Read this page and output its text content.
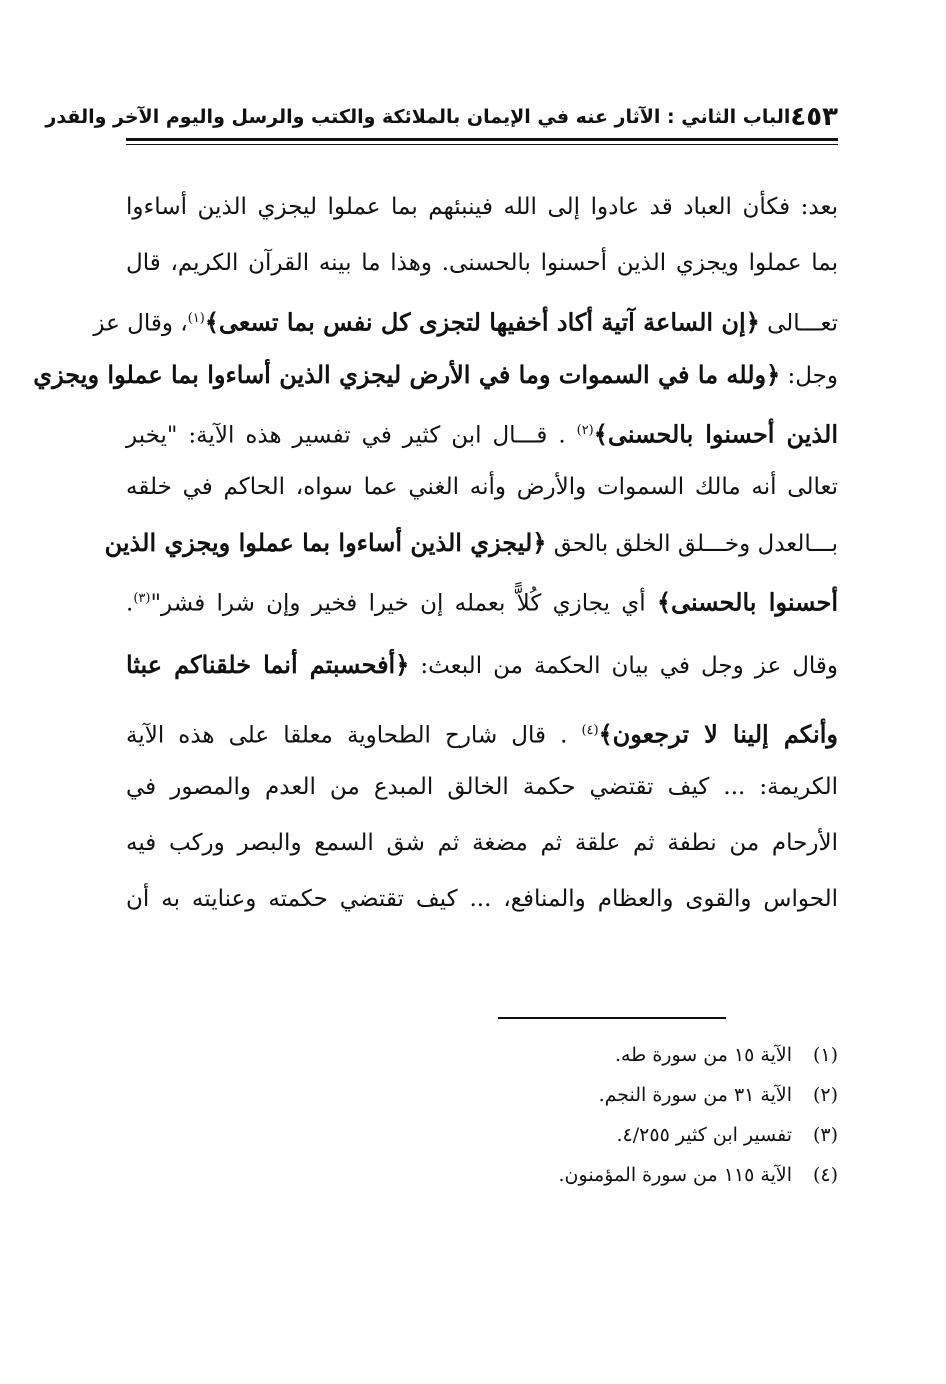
٤٥٣
الباب الثاني : الآثار عنه في الإيمان بالملائكة والكتب والرسل واليوم الآخر والقدر
بعد: فكأن العباد قد عادوا إلى الله فينبئهم بما عملوا ليجزي الذين أساءوا
بما عملوا ويجزي الذين أحسنوا بالحسنى. وهذا ما بينه القرآن الكريم، قال
تعـــالى ﴿إن الساعة آتية أكاد أخفيها لتجزى كل نفس بما تسعى﴾$^{(١)}$، وقال عز
وجل: ﴿ولله ما في السموات وما في الأرض ليجزي الذين أساءوا بما عملوا ويجزي
الذين أحسنوا بالحسنى﴾$^{(٢)}$ . قـــال ابن كثير في تفسير هذه الآية: "يخبر
تعالى أنه مالك السموات والأرض وأنه الغني عما سواه، الحاكم في خلقه
بـــالعدل وخـــلق الخلق بالحق ﴿ليجزي الذين أساءوا بما عملوا ويجزي الذين
أحسنوا بالحسنى﴾ أي يجازي كُلاًّ بعمله إن خيرا فخير وإن شرا فشر"$^{(٣)}$.
وقال عز وجل في بيان الحكمة من البعث: ﴿أفحسبتم أنما خلقناكم عبثا
وأنكم إلينا لا ترجعون﴾$^{(٤)}$ . قال شارح الطحاوية معلقا على هذه الآية
الكريمة: ... كيف تقتضي حكمة الخالق المبدع من العدم والمصور في
الأرحام من نطفة ثم علقة ثم مضغة ثم شق السمع والبصر وركب فيه
الحواس والقوى والعظام والمنافع، ... كيف تقتضي حكمته وعنايته به أن
(١)
الآية ١٥ من سورة طه.
(٢)
الآية ٣١ من سورة النجم.
(٣)
تفسير ابن كثير ٤/٢٥٥.
(٤)
الآية ١١٥ من سورة المؤمنون.
